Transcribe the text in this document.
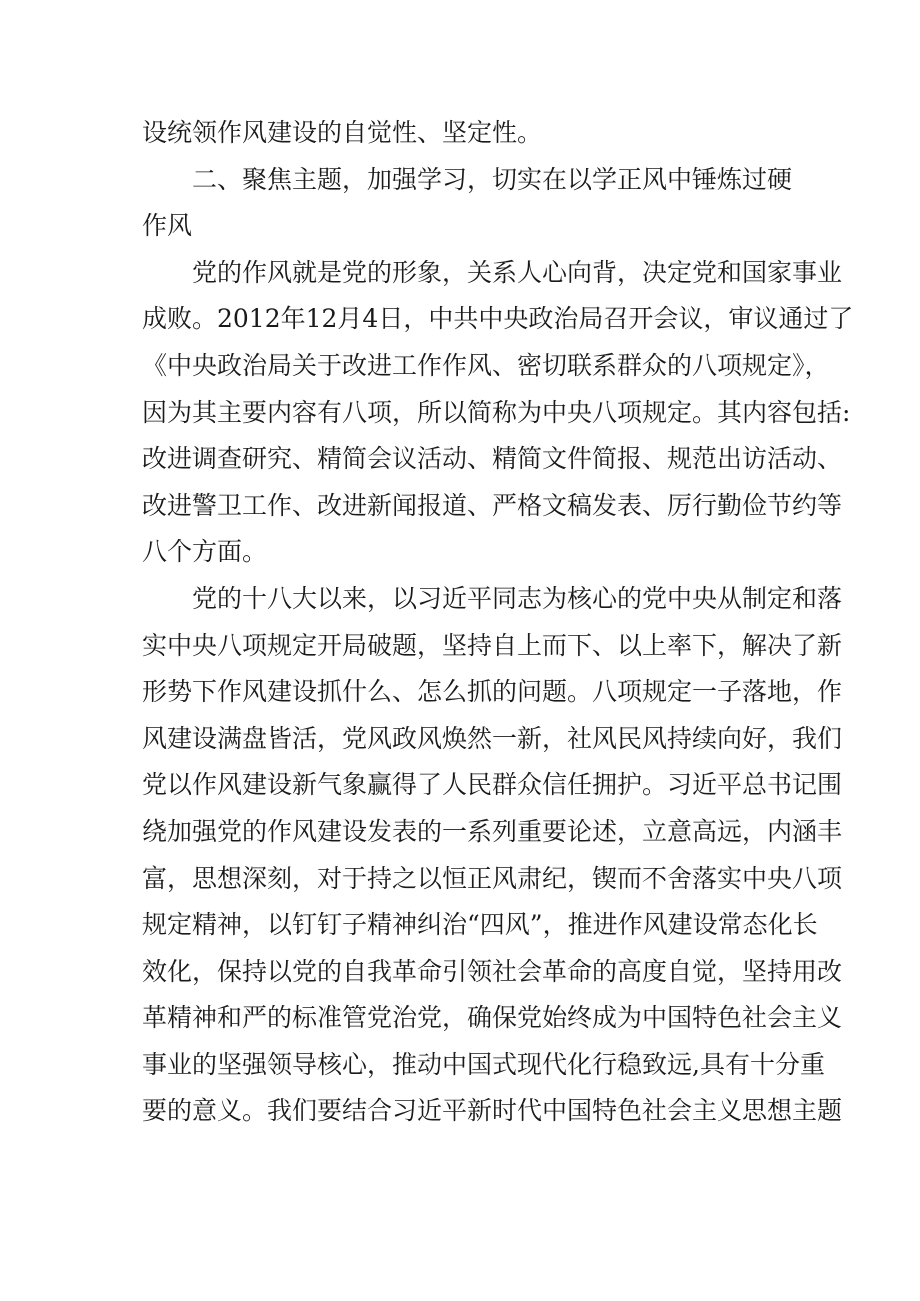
设统领作风建设的自觉性、坚定性。
二、聚焦主题，加强学习，切实在以学正风中锤炼过硬
作风
党的作风就是党的形象，关系人心向背，决定党和国家事业
成败。2012年12月4日，中共中央政治局召开会议，审议通过了
《中央政治局关于改进工作作风、密切联系群众的八项规定》，
因为其主要内容有八项，所以简称为中央八项规定。其内容包括:
改进调查研究、精简会议活动、精简文件简报、规范出访活动、
改进警卫工作、改进新闻报道、严格文稿发表、厉行勤俭节约等
八个方面。
党的十八大以来，以习近平同志为核心的党中央从制定和落
实中央八项规定开局破题，坚持自上而下、以上率下，解决了新
形势下作风建设抓什么、怎么抓的问题。八项规定一子落地，作
风建设满盘皆活，党风政风焕然一新，社风民风持续向好，我们
党以作风建设新气象赢得了人民群众信任拥护。习近平总书记围
绕加强党的作风建设发表的一系列重要论述，立意高远，内涵丰
富，思想深刻，对于持之以恒正风肃纪，锲而不舍落实中央八项
规定精神，以钉钉子精神纠治“四风”，推进作风建设常态化长
效化，保持以党的自我革命引领社会革命的高度自觉，坚持用改
革精神和严的标准管党治党，确保党始终成为中国特色社会主义
事业的坚强领导核心，推动中国式现代化行稳致远,具有十分重
要的意义。我们要结合习近平新时代中国特色社会主义思想主题
